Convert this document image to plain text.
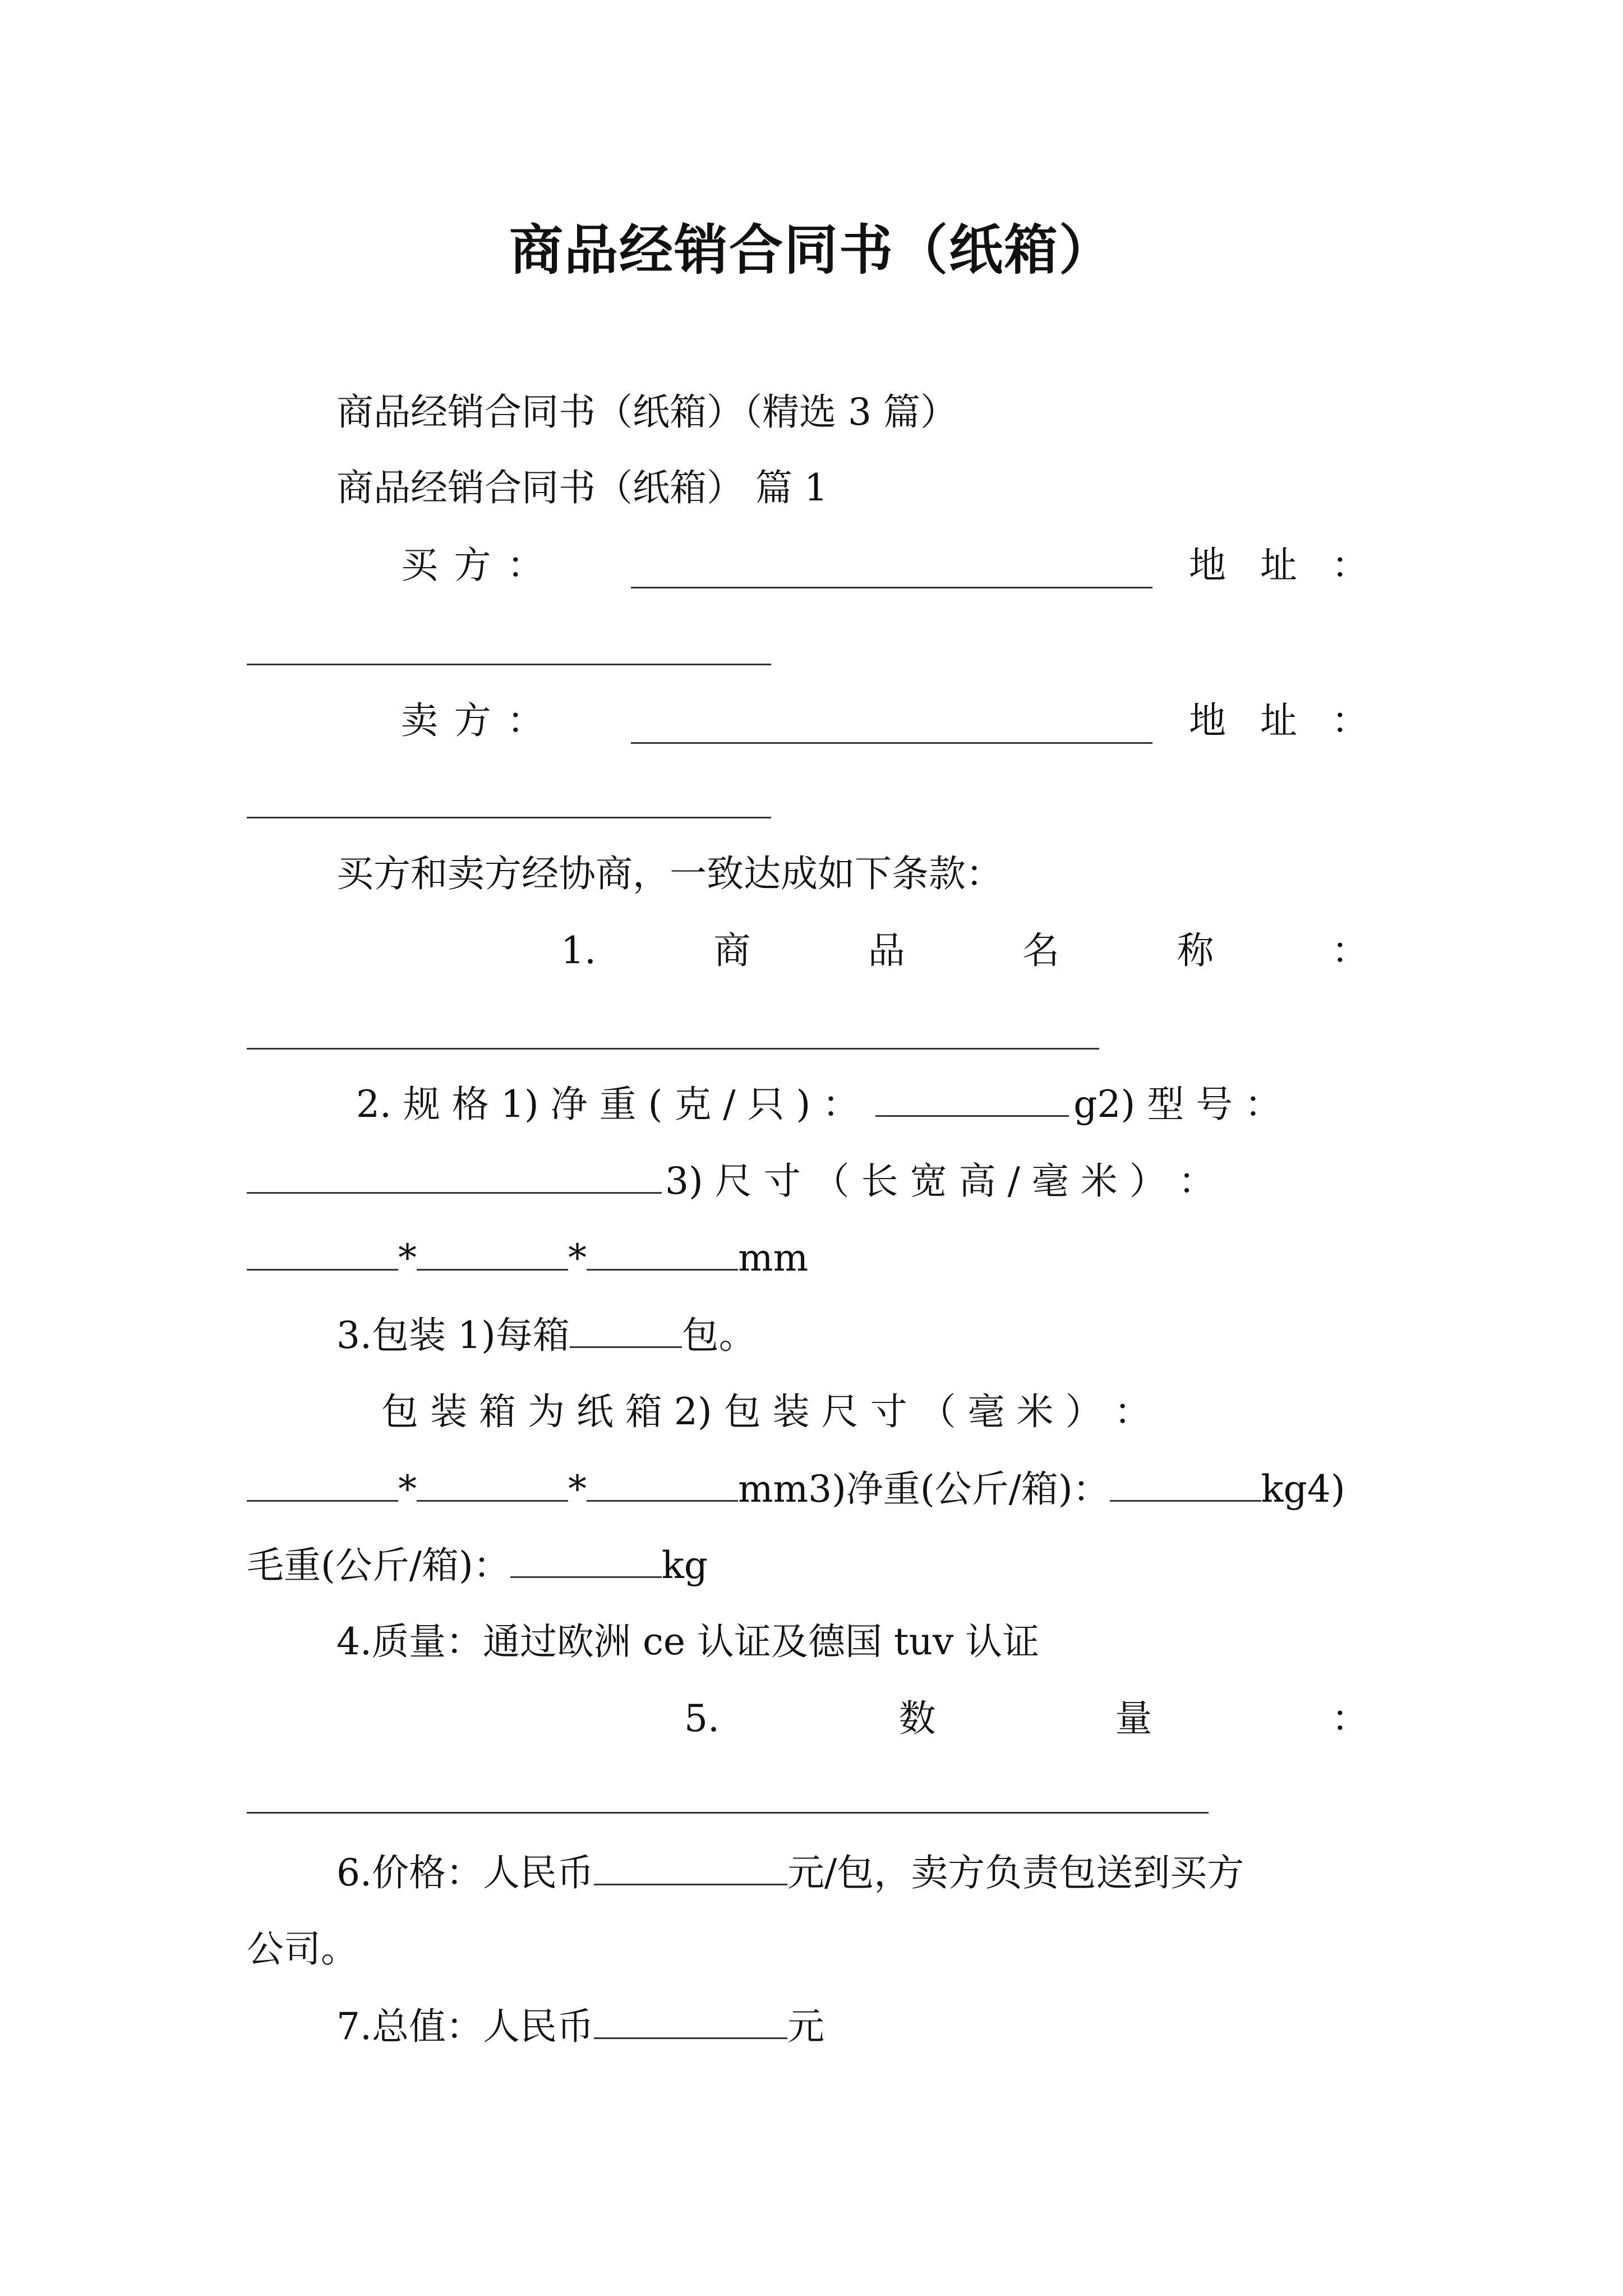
商品经销合同书（纸箱）
商品经销合同书（纸箱）（精选 3 篇）
商品经销合同书（纸箱） 篇 1
买 方 ：	地 址 ：
卖 方 ：	地 址 ：
买方和卖方经协商，一致达成如下条款：
1.	商	品	名	称	：
2. 规 格 1) 净 重 ( 克 / 只 ) ：	g2) 型 号 ：
3) 尺 寸 （ 长 宽 高 / 毫 米 ） ：
*	*	mm
3.包装 1)每箱	包。
包 装 箱 为 纸 箱 2) 包 装 尺 寸 （ 毫 米 ） ：
*	*	mm3)净重(公斤/箱)：	kg4)
毛重(公斤/箱)：	kg
4.质量：通过欧洲 ce 认证及德国 tuv 认证
5.	数	量	：
6.价格：人民币	元/包，卖方负责包送到买方
公司。
7.总值：人民币	元
